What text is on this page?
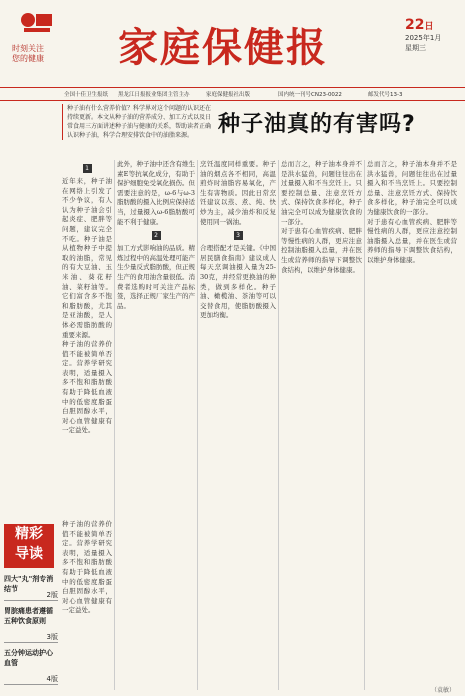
时刻关注
您的健康 家庭保健报	22日
2025年1月
星期三
全国十佳卫生报纸 黑龙江日报报业集团主管主办	家庭保健报社出版	国内统一刊号CN23-0022	邮发代号13-3
种子油有什么营养价值？科学界对这个问题的认识还在持续更新。本文从种子油的营养成分、加工方式以及日常食用三方面讲述种子油与健康的关系，帮助读者正确认识种子油，科学合理安排饮食中的油脂来源。	种子油真的有害吗?
精彩
导读
四大"丸"剂专消结节
2版
胃脘痛患者遵循五种饮食原则
3版
五分钟运动护心血管
4版
1
近年来，种子油在网络上引发了不少争议，有人认为种子油会引起炎症、肥胖等问题，建议完全不吃。种子油是从植物种子中提取的油脂，常见的有大豆油、玉米油、葵花籽油、菜籽油等。它们富含多不饱和脂肪酸，尤其是亚油酸，是人体必需脂肪酸的重要来源。
种子油的营养价值不能被简单否定。营养学研究表明，适量摄入多不饱和脂肪酸有助于降低血液中的低密度脂蛋白胆固醇水平，对心血管健康有一定益处。
种子油的营养价值不能被简单否定。营养学研究表明，适量摄入多不饱和脂肪酸有助于降低血液中的低密度脂蛋白胆固醇水平，对心血管健康有一定益处。
此外，种子油中还含有维生素E等抗氧化成分，有助于保护细胞免受氧化损伤。但需要注意的是，ω-6与ω-3脂肪酸的摄入比例应保持适当，过量摄入ω-6脂肪酸可能不利于健康。
2
加工方式影响油的品质。精炼过程中的高温处理可能产生少量反式脂肪酸，但正规生产的食用油含量很低。消费者选购时可关注产品标签，选择正规厂家生产的产品。
烹饪温度同样重要。种子油的烟点各不相同，高温煎炸时油脂容易氧化，产生有害物质。因此日常烹饪建议以蒸、煮、炖、快炒为主，减少油炸和反复使用同一锅油。
3
合理搭配才是关键。《中国居民膳食指南》建议成人每天烹调油摄入量为25-30克，并经常更换油的种类，做到多样化。种子油、橄榄油、茶油等可以交替食用，使脂肪酸摄入更加均衡。
总而言之，种子油本身并不是洪水猛兽，问题往往出在过量摄入和不当烹饪上。只要控制总量、注意烹饪方式、保持饮食多样化，种子油完全可以成为健康饮食的一部分。
对于患有心血管疾病、肥胖等慢性病的人群，更应注意控制油脂摄入总量，并在医生或营养师的指导下调整饮食结构，以维护身体健康。
总而言之，种子油本身并不是洪水猛兽，问题往往出在过量摄入和不当烹饪上。只要控制总量、注意烹饪方式、保持饮食多样化，种子油完全可以成为健康饮食的一部分。
对于患有心血管疾病、肥胖等慢性病的人群，更应注意控制油脂摄入总量，并在医生或营养师的指导下调整饮食结构，以维护身体健康。
（袁敏）
